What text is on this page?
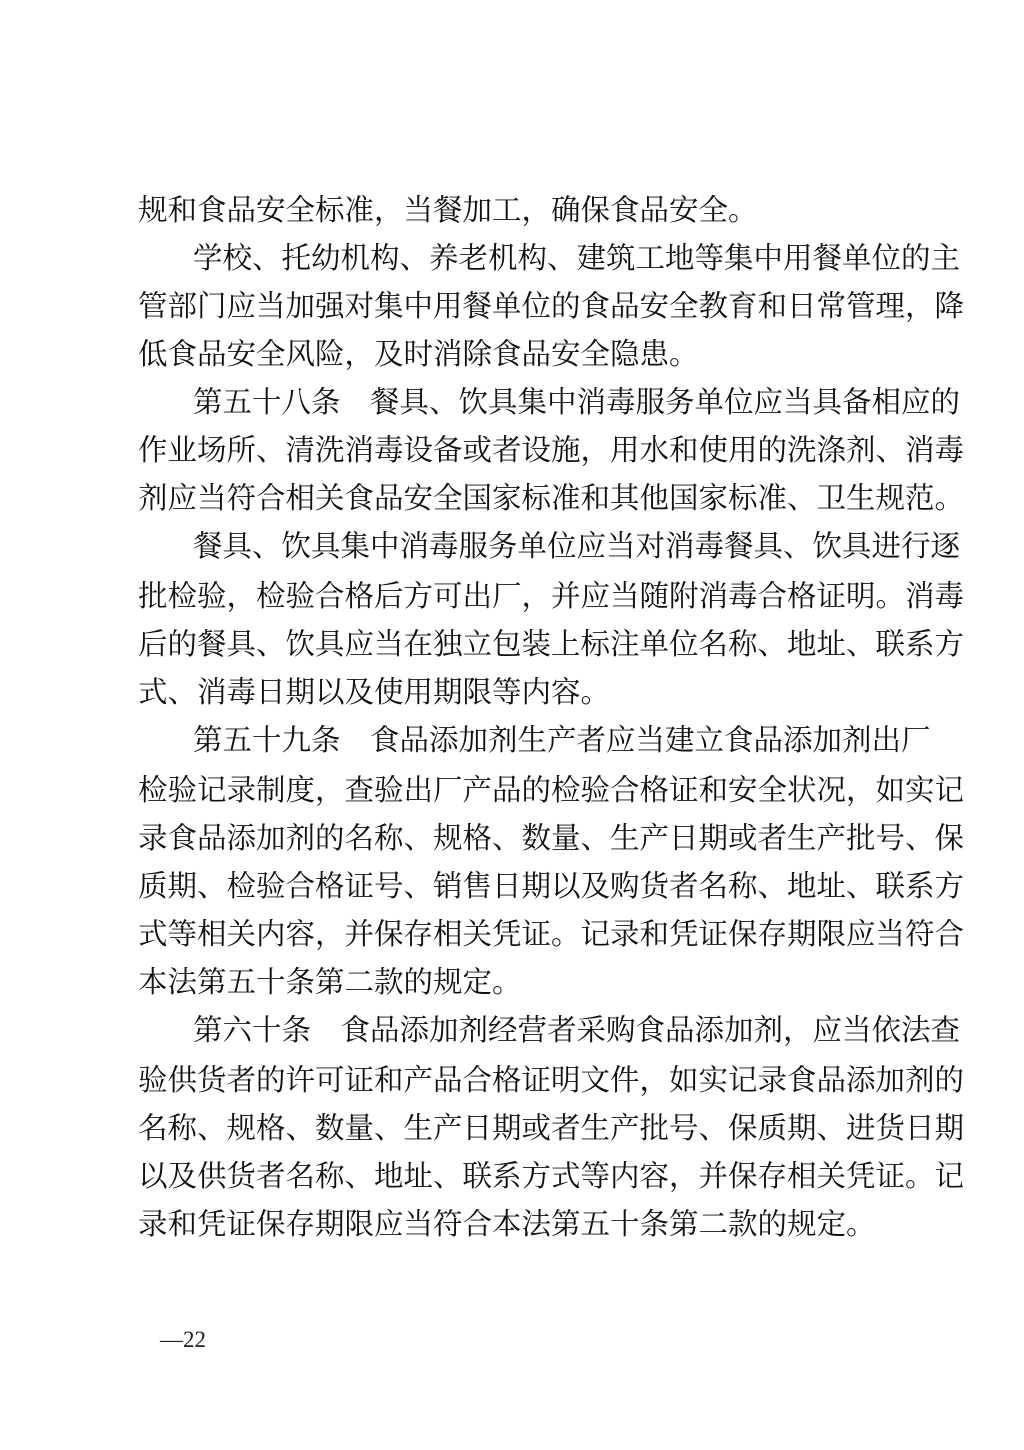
规和食品安全标准，当餐加工，确保食品安全。
学校、托幼机构、养老机构、建筑工地等集中用餐单位的主
管部门应当加强对集中用餐单位的食品安全教育和日常管理，降
低食品安全风险，及时消除食品安全隐患。
第五十八条　餐具、饮具集中消毒服务单位应当具备相应的
作业场所、清洗消毒设备或者设施，用水和使用的洗涤剂、消毒
剂应当符合相关食品安全国家标准和其他国家标准、卫生规范。
餐具、饮具集中消毒服务单位应当对消毒餐具、饮具进行逐
批检验，检验合格后方可出厂，并应当随附消毒合格证明。消毒
后的餐具、饮具应当在独立包装上标注单位名称、地址、联系方
式、消毒日期以及使用期限等内容。
第五十九条　食品添加剂生产者应当建立食品添加剂出厂
检验记录制度，查验出厂产品的检验合格证和安全状况，如实记
录食品添加剂的名称、规格、数量、生产日期或者生产批号、保
质期、检验合格证号、销售日期以及购货者名称、地址、联系方
式等相关内容，并保存相关凭证。记录和凭证保存期限应当符合
本法第五十条第二款的规定。
第六十条　食品添加剂经营者采购食品添加剂，应当依法查
验供货者的许可证和产品合格证明文件，如实记录食品添加剂的
名称、规格、数量、生产日期或者生产批号、保质期、进货日期
以及供货者名称、地址、联系方式等内容，并保存相关凭证。记
录和凭证保存期限应当符合本法第五十条第二款的规定。
—22
